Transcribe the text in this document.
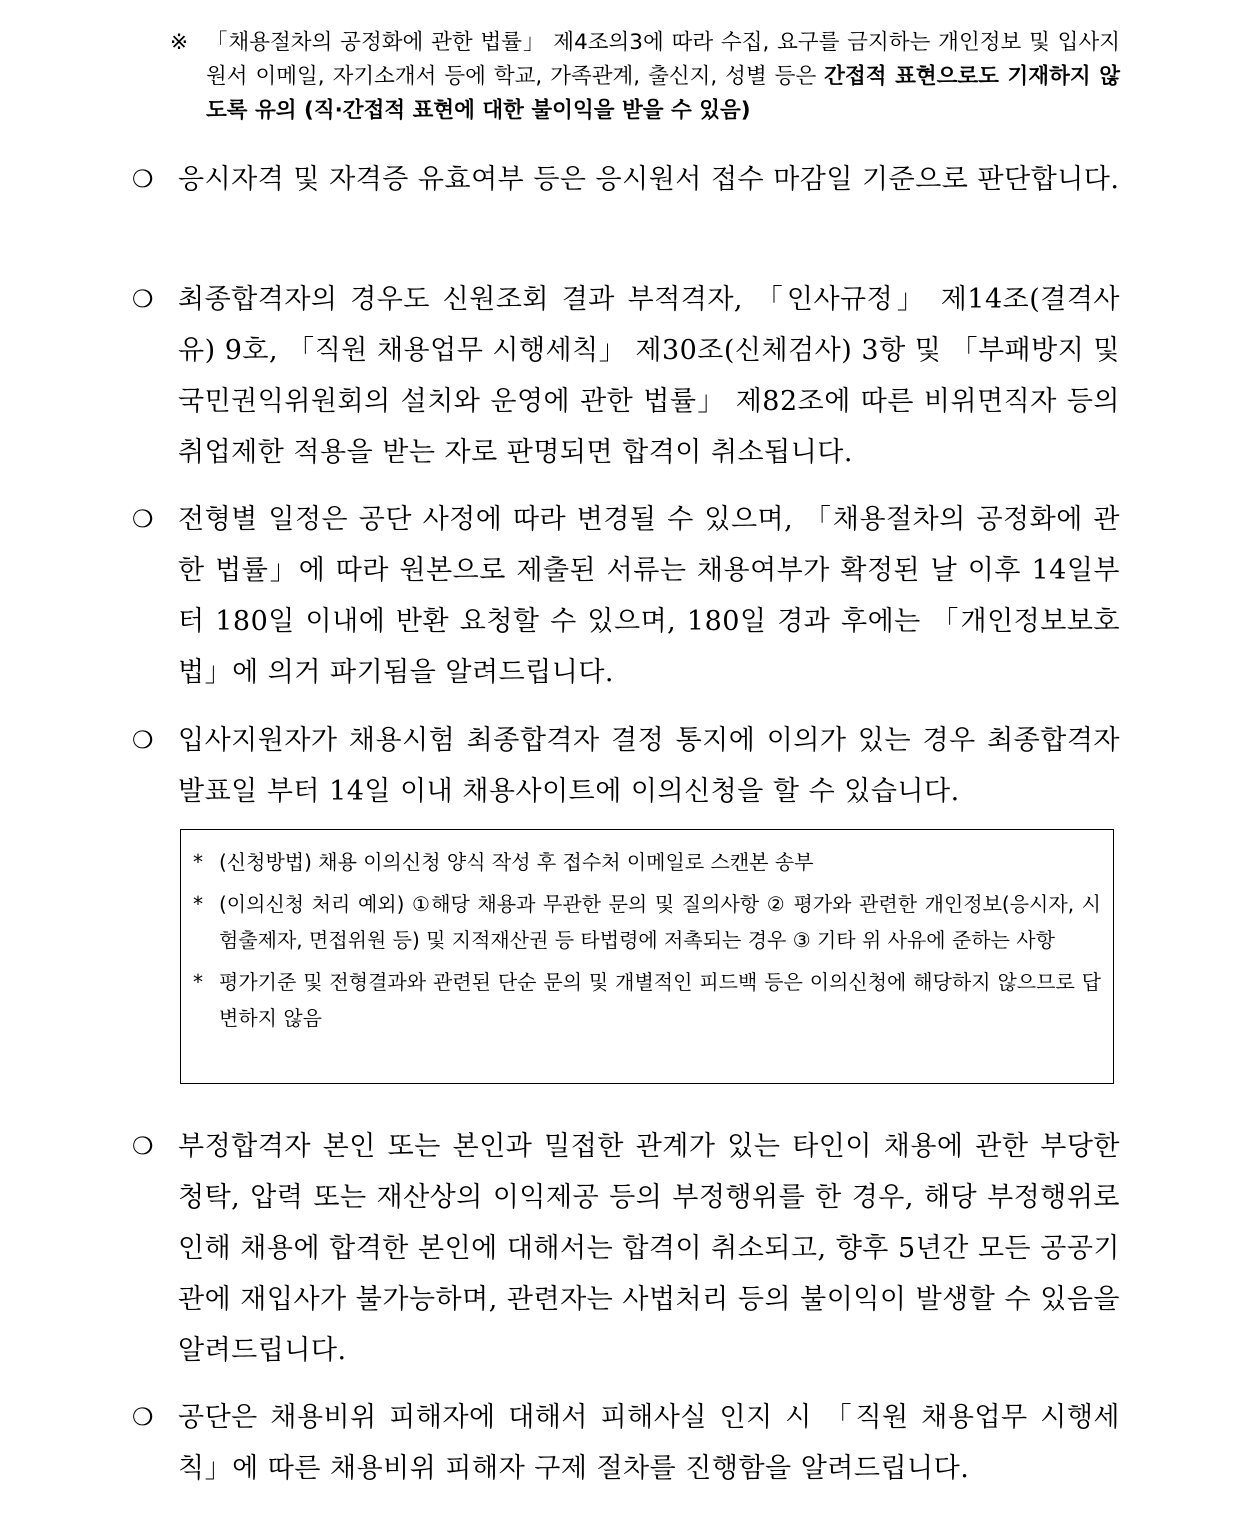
※ 「채용절차의 공정화에 관한 법률」 제4조의3에 따라 수집, 요구를 금지하는 개인정보 및 입사지원서 이메일, 자기소개서 등에 학교, 가족관계, 출신지, 성별 등은 간접적 표현으로도 기재하지 않도록 유의 (직·간접적 표현에 대한 불이익을 받을 수 있음)
❍ 응시자격 및 자격증 유효여부 등은 응시원서 접수 마감일 기준으로 판단합니다.
❍ 최종합격자의 경우도 신원조회 결과 부적격자, 「인사규정」 제14조(결격사유) 9호, 「직원 채용업무 시행세칙」 제30조(신체검사) 3항 및 「부패방지 및 국민권익위원회의 설치와 운영에 관한 법률」 제82조에 따른 비위면직자 등의 취업제한 적용을 받는 자로 판명되면 합격이 취소됩니다.
❍ 전형별 일정은 공단 사정에 따라 변경될 수 있으며, 「채용절차의 공정화에 관한 법률」에 따라 원본으로 제출된 서류는 채용여부가 확정된 날 이후 14일부터 180일 이내에 반환 요청할 수 있으며, 180일 경과 후에는 「개인정보보호법」에 의거 파기됨을 알려드립니다.
❍ 입사지원자가 채용시험 최종합격자 결정 통지에 이의가 있는 경우 최종합격자 발표일 부터 14일 이내 채용사이트에 이의신청을 할 수 있습니다.
* (신청방법) 채용 이의신청 양식 작성 후 접수처 이메일로 스캔본 송부
* (이의신청 처리 예외) ①해당 채용과 무관한 문의 및 질의사항 ② 평가와 관련한 개인정보(응시자, 시험출제자, 면접위원 등) 및 지적재산권 등 타법령에 저촉되는 경우 ③ 기타 위 사유에 준하는 사항
* 평가기준 및 전형결과와 관련된 단순 문의 및 개별적인 피드백 등은 이의신청에 해당하지 않으므로 답변하지 않음
❍ 부정합격자 본인 또는 본인과 밀접한 관계가 있는 타인이 채용에 관한 부당한 청탁, 압력 또는 재산상의 이익제공 등의 부정행위를 한 경우, 해당 부정행위로 인해 채용에 합격한 본인에 대해서는 합격이 취소되고, 향후 5년간 모든 공공기관에 재입사가 불가능하며, 관련자는 사법처리 등의 불이익이 발생할 수 있음을 알려드립니다.
❍ 공단은 채용비위 피해자에 대해서 피해사실 인지 시 「직원 채용업무 시행세칙」에 따른 채용비위 피해자 구제 절차를 진행함을 알려드립니다.
